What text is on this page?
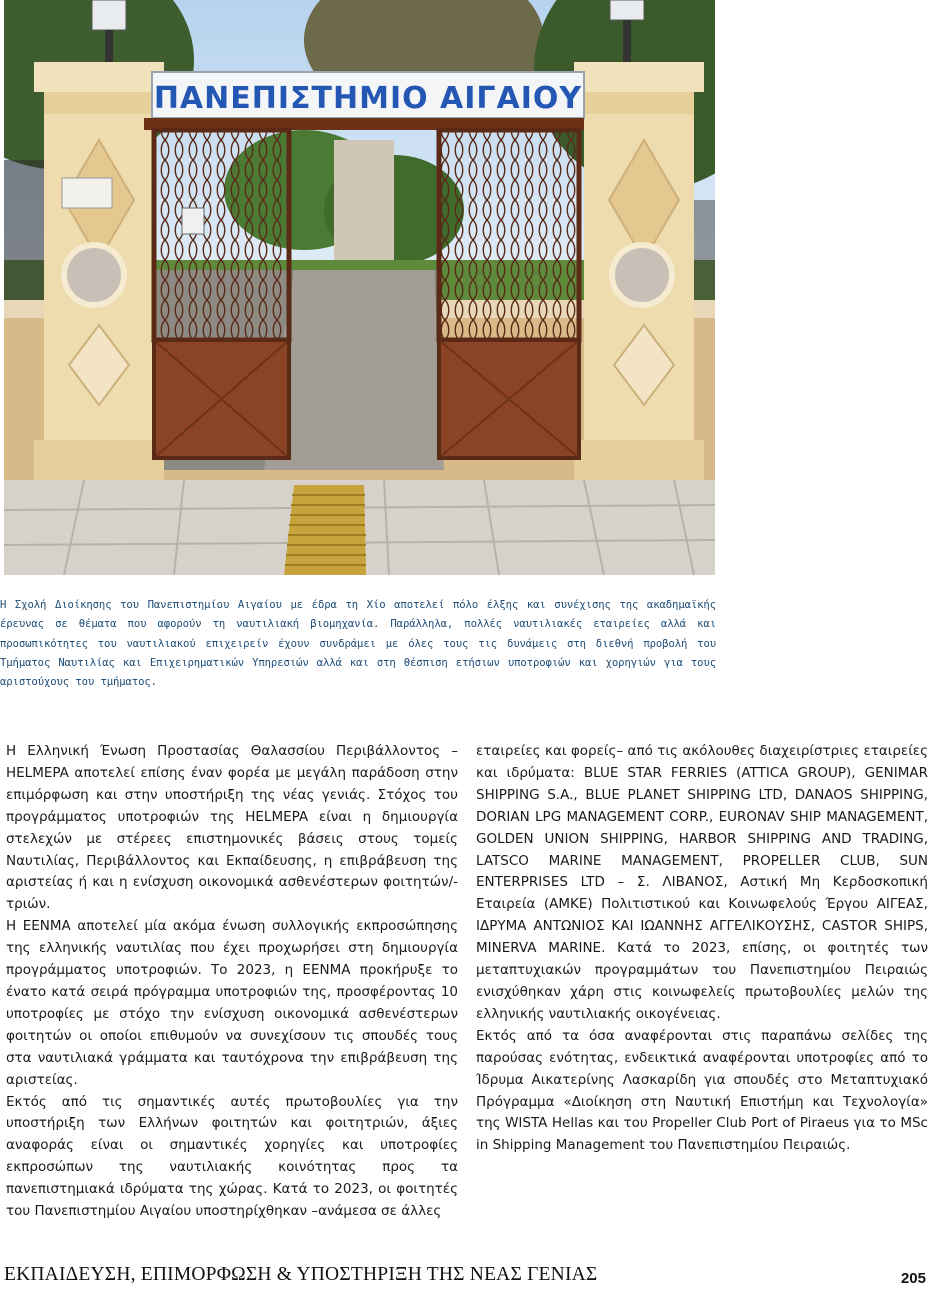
ΠΑΝΕΠΙΣΤΗΜΙΟ ΑΙΓΑΙΟΥ
Η Σχολή Διοίκησης του Πανεπιστημίου Αιγαίου με έδρα τη Χίο αποτελεί πόλο έλξης και συνέχισης της ακαδημαϊκής έρευνας σε θέματα που αφορούν τη ναυτιλιακή βιομηχανία. Παράλληλα, πολλές ναυτιλιακές εταιρείες αλλά και προσωπικότητες του ναυτιλιακού επιχειρείν έχουν συνδράμει με όλες τους τις δυνάμεις στη διεθνή προβολή του Τμήματος Ναυτιλίας και Επιχειρηματικών Υπηρεσιών αλλά και στη θέσπιση ετήσιων υποτροφιών και χορηγιών για τους αριστούχους του τμήματος.

Η Ελληνική Ένωση Προστασίας Θαλασσίου Περιβάλλοντος – HELMEPA αποτελεί επίσης έναν φορέα με μεγάλη παράδοση στην επιμόρφωση και στην υποστήριξη της νέας γενιάς. Στόχος του προγράμματος υποτροφιών της HELMEPA είναι η δημιουργία στελεχών με στέρεες επιστημονικές βάσεις στους τομείς Ναυτιλίας, Περιβάλλοντος και Εκπαίδευσης, η επιβράβευση της αριστείας ή και η ενίσχυση οικονομικά ασθενέστερων φοιτητών/-τριών.

Η ΕΕΝΜΑ αποτελεί μία ακόμα ένωση συλλογικής εκπροσώπησης της ελληνικής ναυτιλίας που έχει προχωρήσει στη δημιουργία προγράμματος υποτροφιών. Το 2023, η ΕΕΝΜΑ προκήρυξε το ένατο κατά σειρά πρόγραμμα υποτροφιών της, προσφέροντας 10 υποτροφίες με στόχο την ενίσχυση οικονομικά ασθενέστερων φοιτητών οι οποίοι επιθυμούν να συνεχίσουν τις σπουδές τους στα ναυτιλιακά γράμματα και ταυτόχρονα την επιβράβευση της αριστείας.

Εκτός από τις σημαντικές αυτές πρωτοβουλίες για την υποστήριξη των Ελλήνων φοιτητών και φοιτητριών, άξιες αναφοράς είναι οι σημαντικές χορηγίες και υποτροφίες εκπροσώπων της ναυτιλιακής κοινότητας προς τα πανεπιστημιακά ιδρύματα της χώρας. Κατά το 2023, οι φοιτητές του Πανεπιστημίου Αιγαίου υποστηρίχθηκαν –ανάμεσα σε άλλες

εταιρείες και φορείς– από τις ακόλουθες διαχειρίστριες εταιρείες και ιδρύματα: BLUE STAR FERRIES (ATTICA GROUP), GENIMAR SHIPPING S.A., BLUE PLANET SHIPPING LTD, DANAOS SHIPPING, DORIAN LPG MANAGEMENT CORP., EURONAV SHIP MANAGEMENT, GOLDEN UNION SHIPPING, HARBOR SHIPPING AND TRADING, LATSCO MARINE MANAGEMENT, PROPELLER CLUB, SUN ENTERPRISES LTD – Σ. ΛΙΒΑΝΟΣ, Αστική Μη Κερδοσκοπική Εταιρεία (ΑΜΚΕ) Πολιτιστικού και Κοινωφελούς Έργου ΑΙΓΕΑΣ, ΙΔΡΥΜΑ ΑΝΤΩΝΙΟΣ ΚΑΙ ΙΩΑΝΝΗΣ ΑΓΓΕΛΙΚΟΥΣΗΣ, CASTOR SHIPS, MINERVA MARINE. Κατά το 2023, επίσης, οι φοιτητές των μεταπτυχιακών προγραμμάτων του Πανεπιστημίου Πειραιώς ενισχύθηκαν χάρη στις κοινωφελείς πρωτοβουλίες μελών της ελληνικής ναυτιλιακής οικογένειας.

Εκτός από τα όσα αναφέρονται στις παραπάνω σελίδες της παρούσας ενότητας, ενδεικτικά αναφέρονται υποτροφίες από το Ίδρυμα Αικατερίνης Λασκαρίδη για σπουδές στο Μεταπτυχιακό Πρόγραμμα «Διοίκηση στη Ναυτική Επιστήμη και Τεχνολογία» της WISTA Hellas και του Propeller Club Port of Piraeus για το MSc in Shipping Management του Πανεπιστημίου Πειραιώς.

ΕΚΠΑΙΔΕΥΣΗ, ΕΠΙΜΟΡΦΩΣΗ & ΥΠΟΣΤΗΡΙΞΗ ΤΗΣ ΝΕΑΣ ΓΕΝΙΑΣ	205
